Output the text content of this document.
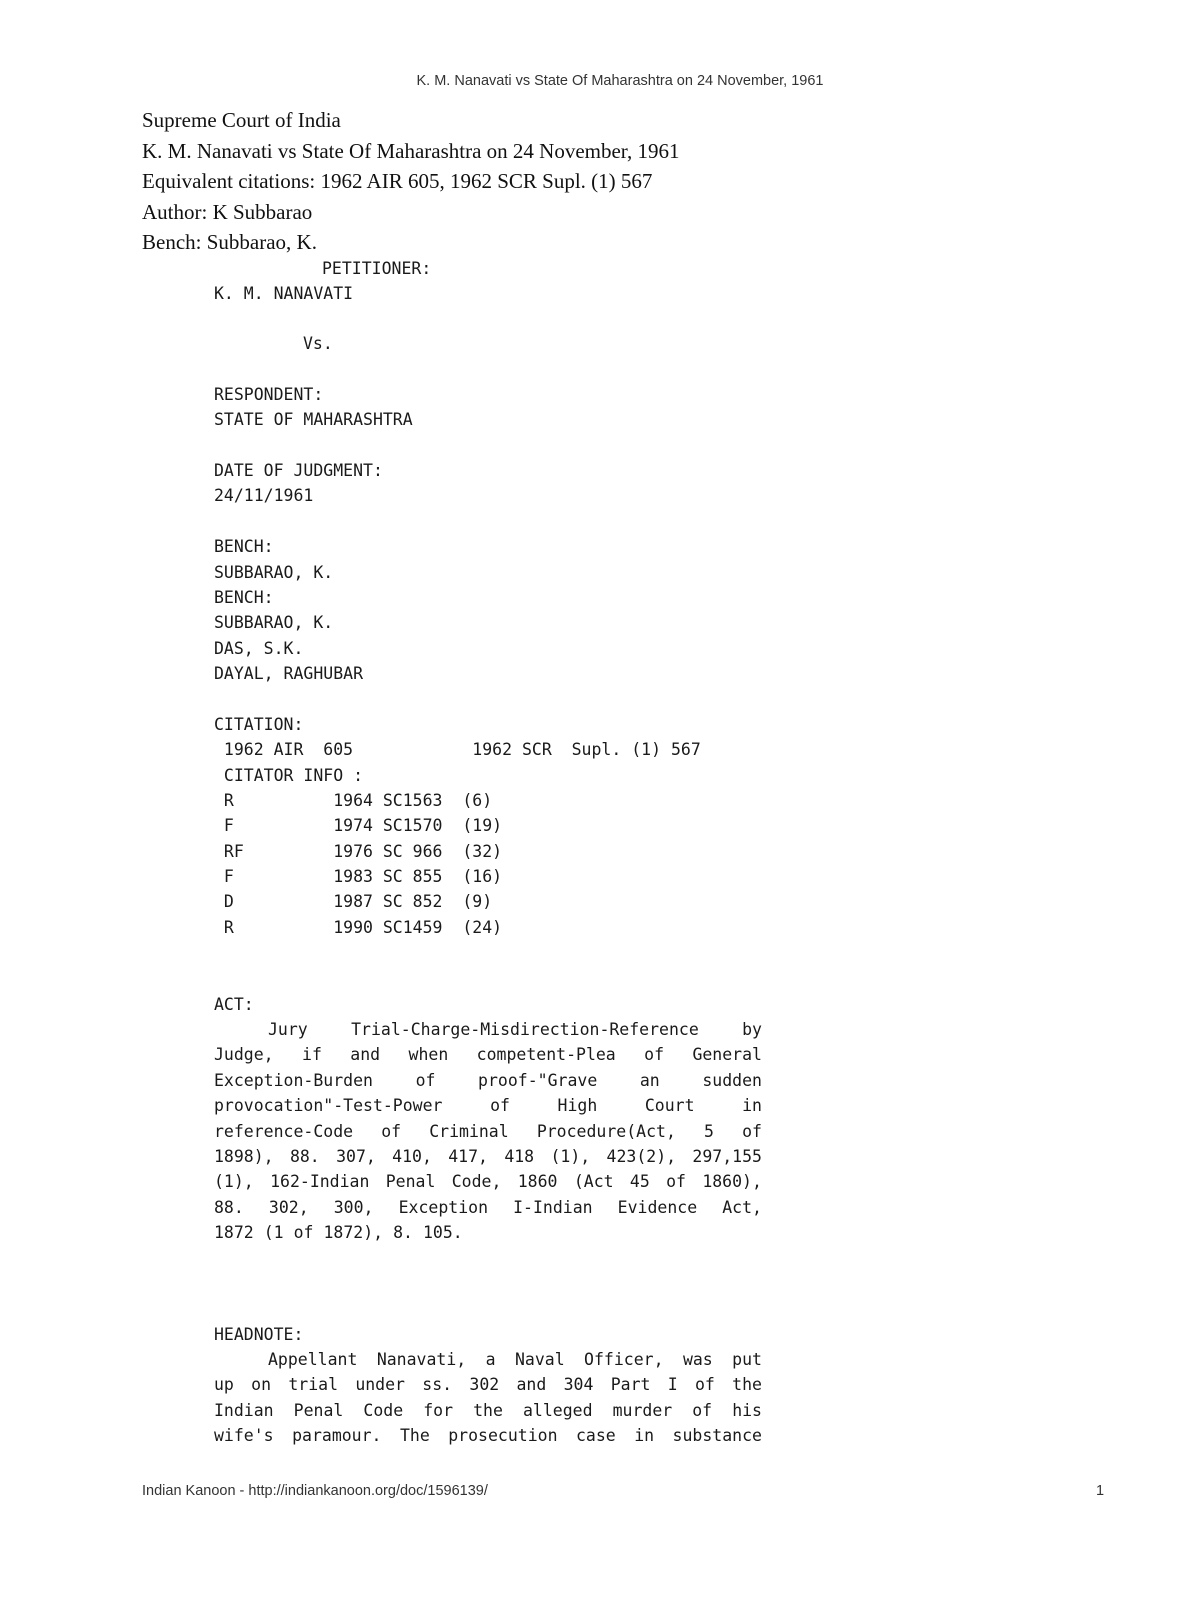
K. M. Nanavati vs State Of Maharashtra on 24 November, 1961
Supreme Court of India
K. M. Nanavati vs State Of Maharashtra on 24 November, 1961
Equivalent citations: 1962 AIR 605, 1962 SCR Supl. (1) 567
Author: K Subbarao
Bench: Subbarao, K.
PETITIONER:
K. M. NANAVATI
Vs.
RESPONDENT:
STATE OF MAHARASHTRA
DATE OF JUDGMENT:
24/11/1961
BENCH:
SUBBARAO, K.
BENCH:
SUBBARAO, K.
DAS, S.K.
DAYAL, RAGHUBAR
CITATION:
1962 AIR  605            1962 SCR  Supl. (1) 567
CITATOR INFO :
R          1964 SC1563  (6)
F          1974 SC1570  (19)
RF         1976 SC 966  (32)
F          1983 SC 855  (16)
D          1987 SC 852  (9)
R          1990 SC1459  (24)
ACT:
Jury	Trial-Charge-Misdirection-Reference	by
Judge, if and when competent-Plea of General
Exception-Burden	of	proof-"Grave	an	sudden
provocation"-Test-Power	of	High	Court	in
reference-Code of Criminal Procedure(Act, 5 of
1898), 88. 307, 410, 417, 418 (1), 423(2), 297,155
(1), 162-Indian Penal Code, 1860 (Act 45 of 1860),
88. 302, 300, Exception I-Indian Evidence Act,
1872 (1 of 1872), 8. 105.
HEADNOTE:
Appellant Nanavati, a Naval Officer, was put
up on trial under ss. 302 and 304 Part I of the
Indian Penal Code for the alleged murder of his
wife's paramour. The prosecution case in substance
Indian Kanoon - http://indiankanoon.org/doc/1596139/	1
